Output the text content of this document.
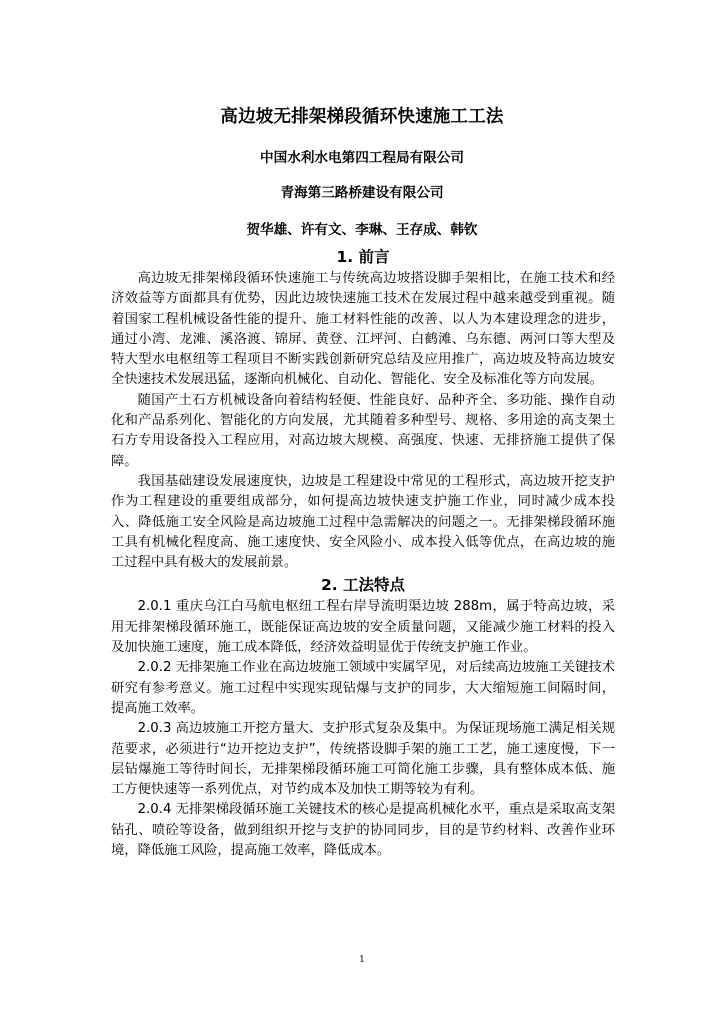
高边坡无排架梯段循环快速施工工法
中国水利水电第四工程局有限公司
青海第三路桥建设有限公司
贺华雄、许有文、李琳、王存成、韩钦
1. 前言

高边坡无排架梯段循环快速施工与传统高边坡搭设脚手架相比，在施工技术和经济效益等方面都具有优势，因此边坡快速施工技术在发展过程中越来越受到重视。随着国家工程机械设备性能的提升、施工材料性能的改善、以人为本建设理念的进步，通过小湾、龙滩、溪洛渡、锦屏、黄登、江坪河、白鹤滩、乌东德、两河口等大型及特大型水电枢纽等工程项目不断实践创新研究总结及应用推广，高边坡及特高边坡安全快速技术发展迅猛，逐渐向机械化、自动化、智能化、安全及标准化等方向发展。

随国产土石方机械设备向着结构轻便、性能良好、品种齐全、多功能、操作自动化和产品系列化、智能化的方向发展，尤其随着多种型号、规格、多用途的高支架土石方专用设备投入工程应用，对高边坡大规模、高强度、快速、无排挤施工提供了保障。

我国基础建设发展速度快，边坡是工程建设中常见的工程形式，高边坡开挖支护作为工程建设的重要组成部分，如何提高边坡快速支护施工作业，同时减少成本投入、降低施工安全风险是高边坡施工过程中急需解决的问题之一。无排架梯段循环施工具有机械化程度高、施工速度快、安全风险小、成本投入低等优点，在高边坡的施工过程中具有极大的发展前景。

2. 工法特点

2.0.1 重庆乌江白马航电枢纽工程右岸导流明渠边坡 288m，属于特高边坡，采用无排架梯段循环施工，既能保证高边坡的安全质量问题，又能减少施工材料的投入及加快施工速度，施工成本降低，经济效益明显优于传统支护施工作业。

2.0.2 无排架施工作业在高边坡施工领域中实属罕见，对后续高边坡施工关键技术研究有参考意义。施工过程中实现实现钻爆与支护的同步，大大缩短施工间隔时间，提高施工效率。

2.0.3 高边坡施工开挖方量大、支护形式复杂及集中。为保证现场施工满足相关规范要求，必须进行“边开挖边支护”，传统搭设脚手架的施工工艺，施工速度慢，下一层钻爆施工等待时间长，无排架梯段循环施工可简化施工步骤，具有整体成本低、施工方便快速等一系列优点，对节约成本及加快工期等较为有利。

2.0.4 无排架梯段循环施工关键技术的核心是提高机械化水平，重点是采取高支架钻孔、喷砼等设备，做到组织开挖与支护的协同同步，目的是节约材料、改善作业环境，降低施工风险，提高施工效率，降低成本。

1
